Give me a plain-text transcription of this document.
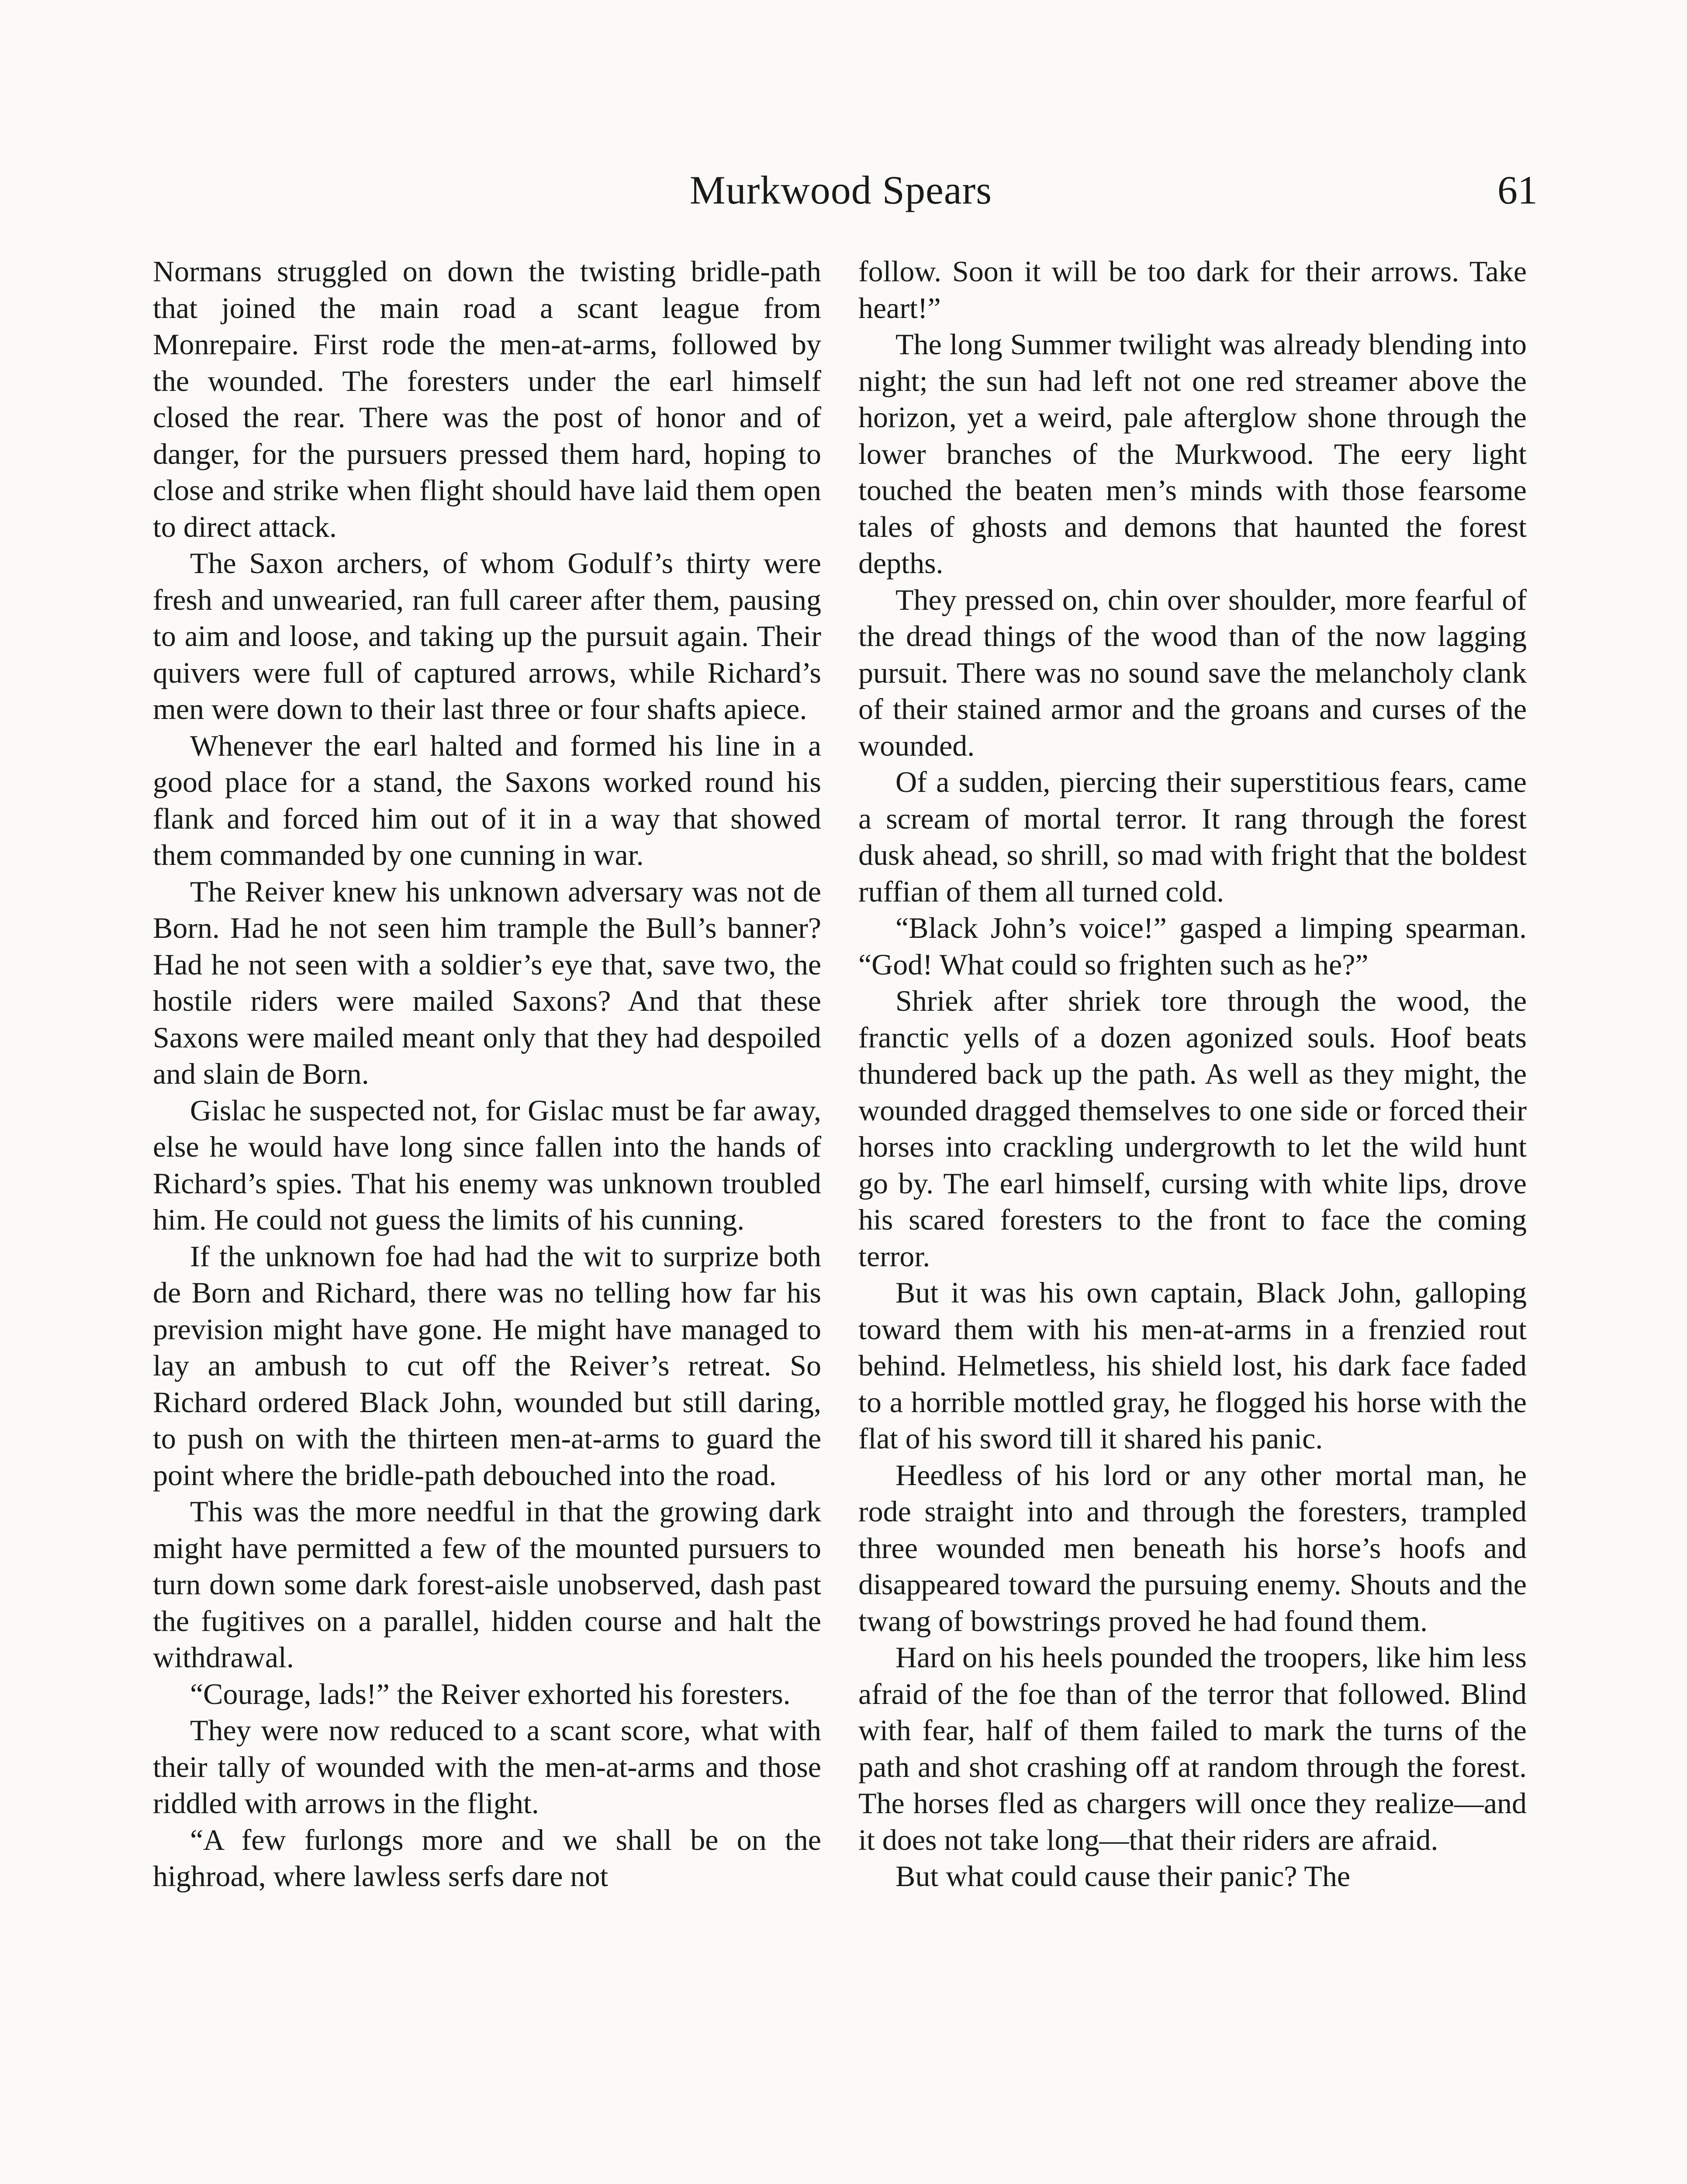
Murkwood Spears	61

Normans struggled on down the twisting bridle-path that joined the main road a scant league from Monrepaire. First rode the men-at-arms, followed by the wounded. The foresters under the earl himself closed the rear. There was the post of honor and of danger, for the pursuers pressed them hard, hoping to close and strike when flight should have laid them open to direct attack.

The Saxon archers, of whom Godulf’s thirty were fresh and unwearied, ran full career after them, pausing to aim and loose, and taking up the pursuit again. Their quivers were full of captured arrows, while Richard’s men were down to their last three or four shafts apiece.

Whenever the earl halted and formed his line in a good place for a stand, the Saxons worked round his flank and forced him out of it in a way that showed them commanded by one cunning in war.

The Reiver knew his unknown adversary was not de Born. Had he not seen him trample the Bull’s banner? Had he not seen with a soldier’s eye that, save two, the hostile riders were mailed Saxons? And that these Saxons were mailed meant only that they had despoiled and slain de Born.

Gislac he suspected not, for Gislac must be far away, else he would have long since fallen into the hands of Richard’s spies. That his enemy was unknown troubled him. He could not guess the limits of his cunning.

If the unknown foe had had the wit to surprize both de Born and Richard, there was no telling how far his prevision might have gone. He might have managed to lay an ambush to cut off the Reiver’s retreat. So Richard ordered Black John, wounded but still daring, to push on with the thirteen men-at-arms to guard the point where the bridle-path debouched into the road.

This was the more needful in that the growing dark might have permitted a few of the mounted pursuers to turn down some dark forest-aisle unobserved, dash past the fugitives on a parallel, hidden course and halt the withdrawal.

“Courage, lads!” the Reiver exhorted his foresters.

They were now reduced to a scant score, what with their tally of wounded with the men-at-arms and those riddled with arrows in the flight.

“A few furlongs more and we shall be on the highroad, where lawless serfs dare not

follow. Soon it will be too dark for their arrows. Take heart!”

The long Summer twilight was already blending into night; the sun had left not one red streamer above the horizon, yet a weird, pale afterglow shone through the lower branches of the Murkwood. The eery light touched the beaten men’s minds with those fearsome tales of ghosts and demons that haunted the forest depths.

They pressed on, chin over shoulder, more fearful of the dread things of the wood than of the now lagging pursuit. There was no sound save the melancholy clank of their stained armor and the groans and curses of the wounded.

Of a sudden, piercing their superstitious fears, came a scream of mortal terror. It rang through the forest dusk ahead, so shrill, so mad with fright that the boldest ruffian of them all turned cold.

“Black John’s voice!” gasped a limping spearman. “God! What could so frighten such as he?”

Shriek after shriek tore through the wood, the franctic yells of a dozen agonized souls. Hoof beats thundered back up the path. As well as they might, the wounded dragged themselves to one side or forced their horses into crackling undergrowth to let the wild hunt go by. The earl himself, cursing with white lips, drove his scared foresters to the front to face the coming terror.

But it was his own captain, Black John, galloping toward them with his men-at-arms in a frenzied rout behind. Helmetless, his shield lost, his dark face faded to a horrible mottled gray, he flogged his horse with the flat of his sword till it shared his panic.

Heedless of his lord or any other mortal man, he rode straight into and through the foresters, trampled three wounded men beneath his horse’s hoofs and disappeared toward the pursuing enemy. Shouts and the twang of bowstrings proved he had found them.

Hard on his heels pounded the troopers, like him less afraid of the foe than of the terror that followed. Blind with fear, half of them failed to mark the turns of the path and shot crashing off at random through the forest. The horses fled as chargers will once they realize—and it does not take long—that their riders are afraid.

But what could cause their panic? The
